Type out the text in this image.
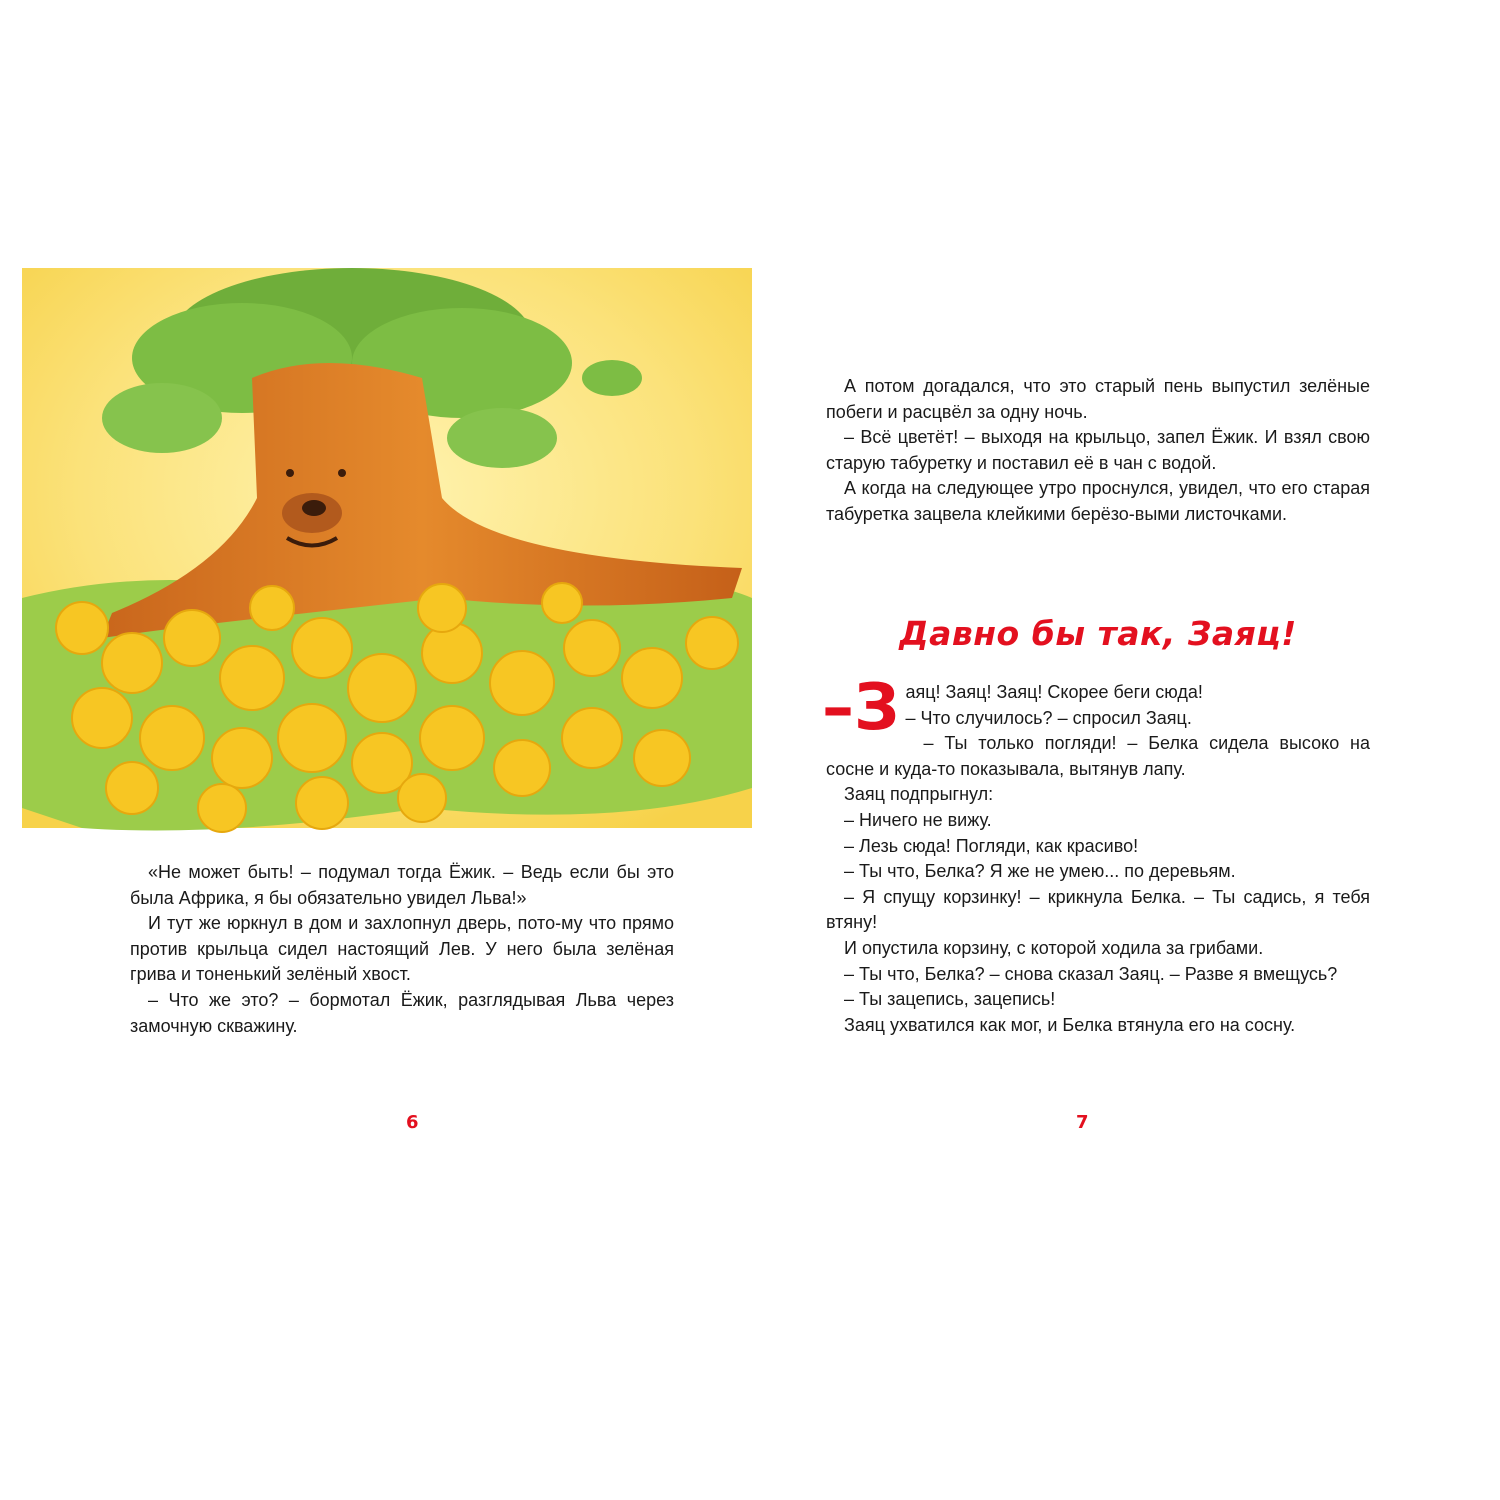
«Не может быть! – подумал тогда Ёжик. – Ведь если бы это была Африка, я бы обязательно увидел Льва!»

И тут же юркнул в дом и захлопнул дверь, пото-му что прямо против крыльца сидел настоящий Лев. У него была зелёная грива и тоненький зелёный хвост.

– Что же это? – бормотал Ёжик, разглядывая Льва через замочную скважину.

6

А потом догадался, что это старый пень выпустил зелёные побеги и расцвёл за одну ночь.

– Всё цветёт! – выходя на крыльцо, запел Ёжик. И взял свою старую табуретку и поставил её в чан с водой.

А когда на следующее утро проснулся, увидел, что его старая табуретка зацвела клейкими берёзо-выми листочками.

Давно бы так, Заяц!

–З аяц! Заяц! Заяц! Скорее беги сюда!

– Что случилось? – спросил Заяц.

– Ты только погляди! – Белка сидела высоко на сосне и куда-то показывала, вытянув лапу.

Заяц подпрыгнул:

– Ничего не вижу.

– Лезь сюда! Погляди, как красиво!

– Ты что, Белка? Я же не умею... по деревьям.

– Я спущу корзинку! – крикнула Белка. – Ты садись, я тебя втяну!

И опустила корзину, с которой ходила за грибами.

– Ты что, Белка? – снова сказал Заяц. – Разве я вмещусь?

– Ты зацепись, зацепись!

Заяц ухватился как мог, и Белка втянула его на сосну.

7
